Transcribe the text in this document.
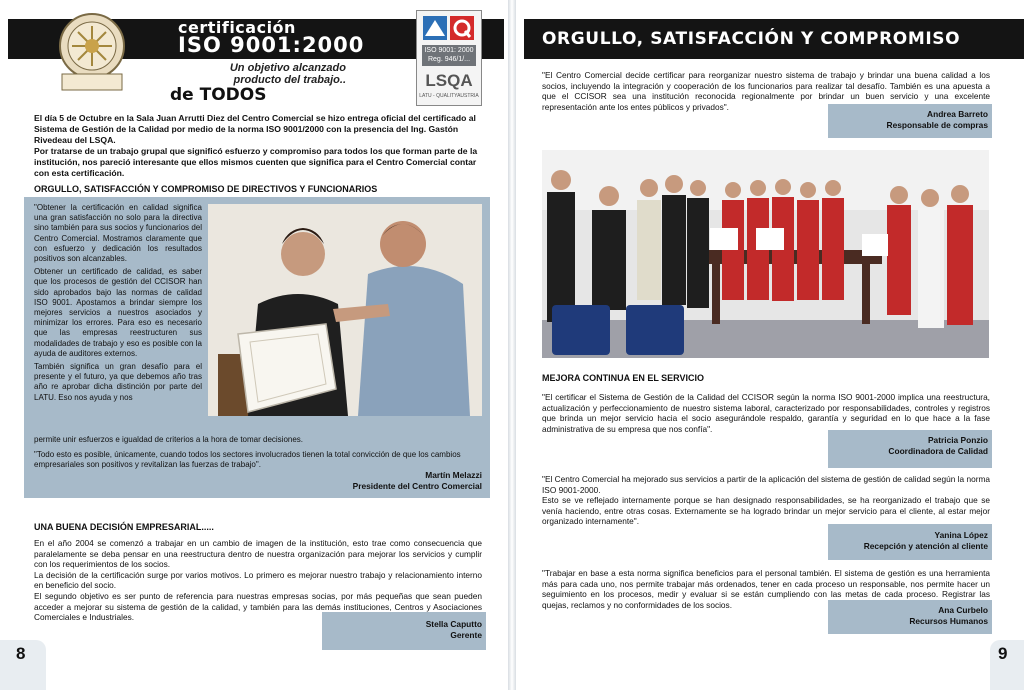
certificación
ISO 9001:2000
Un objetivo alcanzado
producto del trabajo..
de TODOS
ISO 9001: 2000
Reg. 946/1/...
LSQA
LATU - QUALITYAUSTRIA

El día 5 de Octubre en la Sala Juan Arrutti Diez del Centro Comercial se hizo entrega oficial del certificado al Sistema de Gestión de la Calidad por medio de la norma ISO 9001/2000 con la presencia del Ing. Gastón Rivedeau del LSQA.

Por tratarse de un trabajo grupal que significó esfuerzo y compromiso para todos los que forman parte de la institución, nos pareció interesante que ellos mismos cuenten que significa para el Centro Comercial contar con esta certificación.

ORGULLO, SATISFACCIÓN Y COMPROMISO DE DIRECTIVOS Y FUNCIONARIOS

"Obtener la certificación en calidad significa una gran satisfacción no solo para la directiva sino también para sus socios y funcionarios del Centro Comercial. Mostramos claramente que con esfuerzo y dedicación los resultados positivos son alcanzables.

Obtener un certificado de calidad, es saber que los procesos de gestión del CCISOR han sido aprobados bajo las normas de calidad ISO 9001. Apostamos a brindar siempre los mejores servicios a nuestros asociados y minimizar los errores. Para eso es necesario que las empresas reestructuren sus modalidades de trabajo y eso es posible con la ayuda de auditores externos.

También significa un gran desafío para el presente y el futuro, ya que debemos año tras año re aprobar dicha distinción por parte del LATU. Eso nos ayuda y nos

permite unir esfuerzos e igualdad de criterios a la hora de tomar decisiones.

"Todo esto es posible, únicamente, cuando todos los sectores involucrados tienen la total convicción de que los cambios empresariales son positivos y revitalizan las fuerzas de trabajo".

Martín Melazzi
Presidente del Centro Comercial
UNA BUENA DECISIÓN EMPRESARIAL.....

En el año 2004 se comenzó a trabajar en un cambio de imagen de la institución, esto trae como consecuencia que paralelamente se deba pensar en una reestructura dentro de nuestra organización para mejorar los servicios y cumplir con los requerimientos de los socios.

La decisión de la certificación surge por varios motivos. Lo primero es mejorar nuestro trabajo y relacionamiento interno en beneficio del socio.

El segundo objetivo es ser punto de referencia para nuestras empresas socias, por más pequeñas que sean pueden acceder a mejorar su sistema de gestión de la calidad, y también para las demás instituciones, Centros y Asociaciones Comerciales e Industriales.

Stella Caputto
Gerente
8
ORGULLO, SATISFACCIÓN Y COMPROMISO

"El Centro Comercial decide certificar para reorganizar nuestro sistema de trabajo y brindar una buena calidad a los socios, incluyendo la integración y cooperación de los funcionarios para realizar tal desafío. También es una apuesta a que el CCISOR sea una institución reconocida regionalmente por brindar un buen servicio y una excelente representación ante los entes públicos y privados".

Andrea Barreto
Responsable de compras
MEJORA CONTINUA EN EL SERVICIO

"El certificar el Sistema de Gestión de la Calidad del CCISOR según la norma ISO 9001-2000 implica una reestructura, actualización y perfeccionamiento de nuestro sistema laboral, caracterizado por responsabilidades, controles y registros que brinda un mejor servicio hacia el socio asegurándole respaldo, garantía y seguridad en lo que hace a la fase administrativa de su empresa que nos confía".

Patricia Ponzio
Coordinadora de Calidad

"El Centro Comercial ha mejorado sus servicios a partir de la aplicación del sistema de gestión de calidad según la norma ISO 9001-2000.

Esto se ve reflejado internamente porque se han designado responsabilidades, se ha reorganizado el trabajo que se venía haciendo, entre otras cosas. Externamente se ha logrado brindar un mejor servicio para el cliente, al estar mejor organizado internamente".

Yanina López
Recepción y atención al cliente

"Trabajar en base a esta norma significa beneficios para el personal también. El sistema de gestión es una herramienta más para cada uno, nos permite trabajar más ordenados, tener en cada proceso un responsable, nos permite hacer un seguimiento en los procesos, medir y evaluar si se están cumpliendo con las metas de cada proceso. Registrar las quejas, reclamos y no conformidades de los socios.

Ana Curbelo
Recursos Humanos
9
